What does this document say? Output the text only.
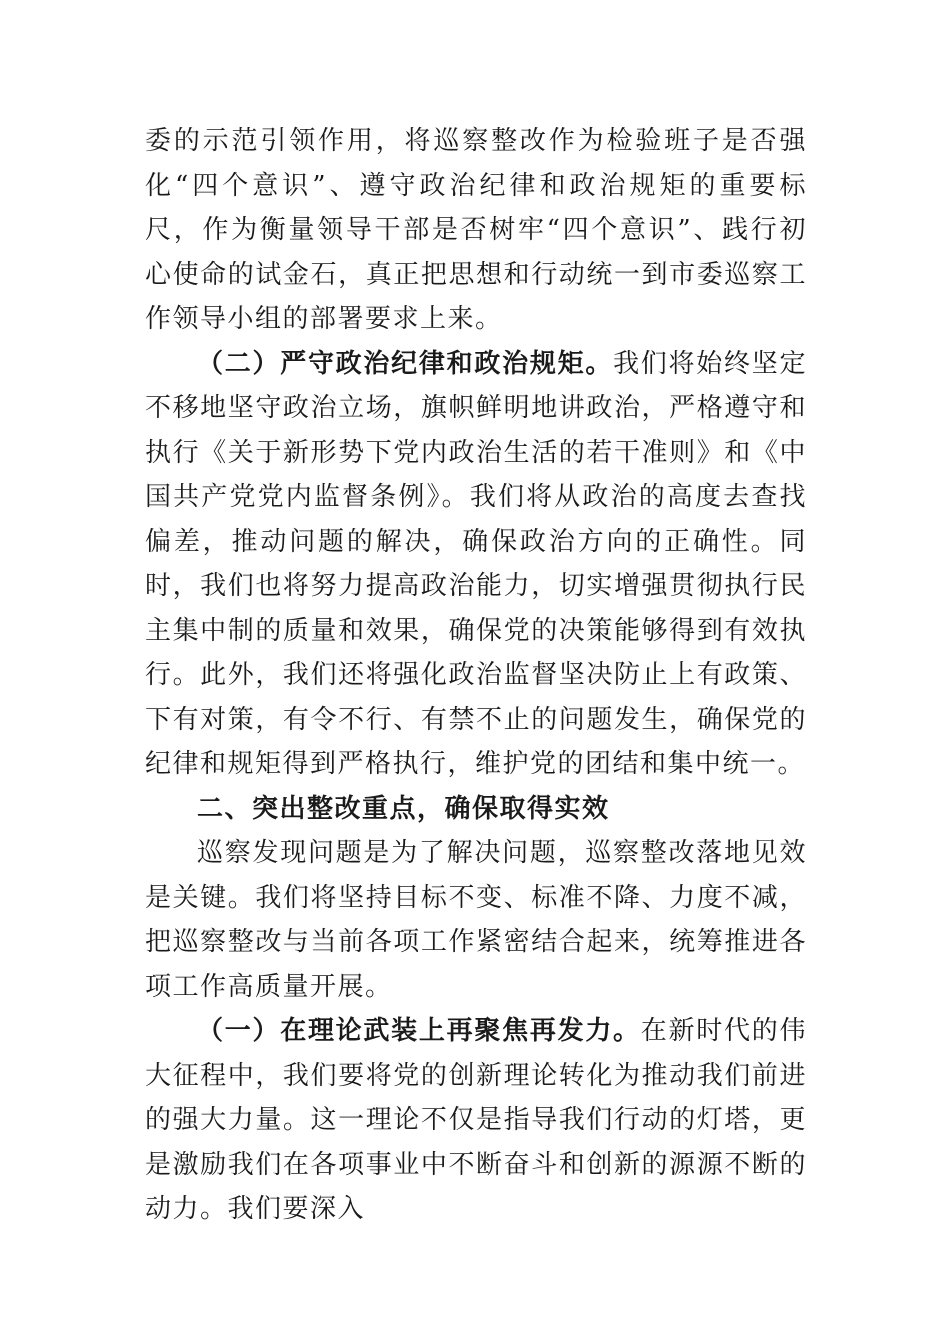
委的示范引领作用，将巡察整改作为检验班子是否强化“四个意识”、遵守政治纪律和政治规矩的重要标尺，作为衡量领导干部是否树牢“四个意识”、践行初心使命的试金石，真正把思想和行动统一到市委巡察工作领导小组的部署要求上来。

（二）严守政治纪律和政治规矩。我们将始终坚定不移地坚守政治立场，旗帜鲜明地讲政治，严格遵守和执行《关于新形势下党内政治生活的若干准则》和《中国共产党党内监督条例》。我们将从政治的高度去查找偏差，推动问题的解决，确保政治方向的正确性。同时，我们也将努力提高政治能力，切实增强贯彻执行民主集中制的质量和效果，确保党的决策能够得到有效执行。此外，我们还将强化政治监督坚决防止上有政策、下有对策，有令不行、有禁不止的问题发生，确保党的纪律和规矩得到严格执行，维护党的团结和集中统一。

二、突出整改重点，确保取得实效

巡察发现问题是为了解决问题，巡察整改落地见效是关键。我们将坚持目标不变、标准不降、力度不减，把巡察整改与当前各项工作紧密结合起来，统筹推进各项工作高质量开展。

（一）在理论武装上再聚焦再发力。在新时代的伟大征程中，我们要将党的创新理论转化为推动我们前进的强大力量。这一理论不仅是指导我们行动的灯塔，更是激励我们在各项事业中不断奋斗和创新的源源不断的动力。我们要深入
